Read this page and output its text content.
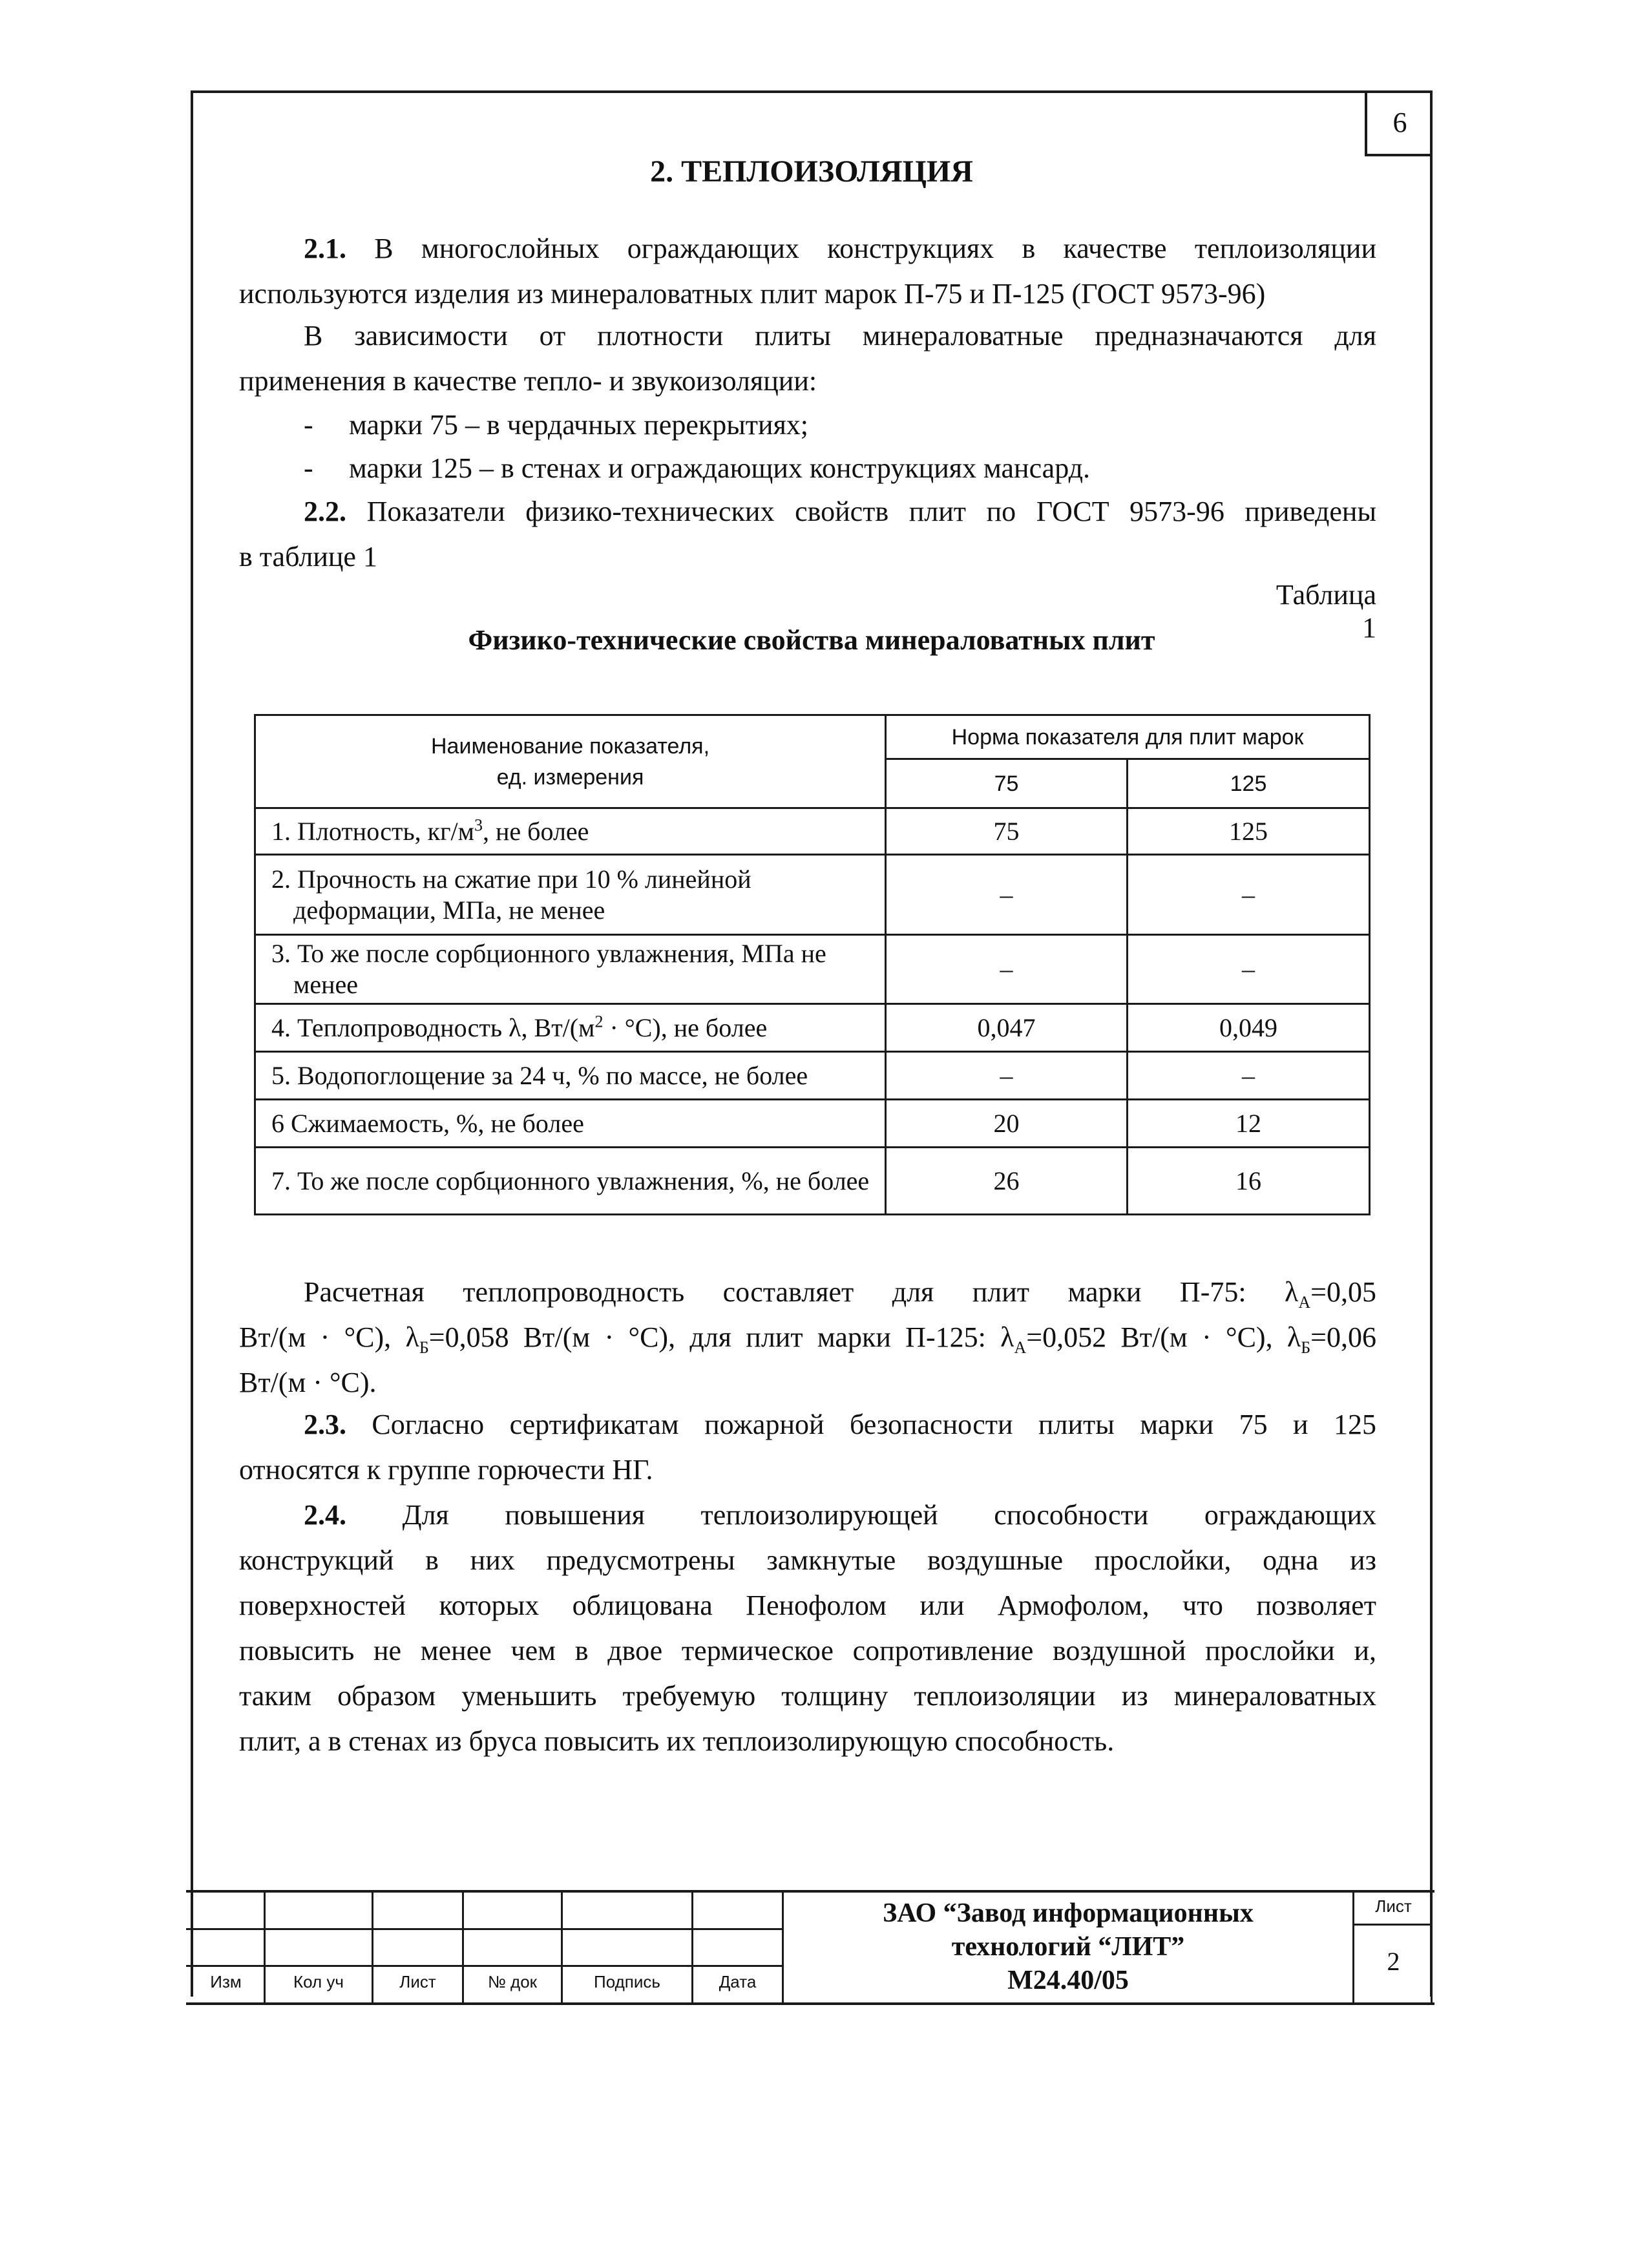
6
2. ТЕПЛОИЗОЛЯЦИЯ
2.1. В многослойных ограждающих конструкциях в качестве теплоизоляции
используются изделия из минераловатных плит марок П-75 и П-125 (ГОСТ 9573-96)
В зависимости от плотности плиты минераловатные предназначаются для
применения в качестве тепло- и звукоизоляции:
- марки 75 – в чердачных перекрытиях;
- марки 125 – в стенах и ограждающих конструкциях мансард.
2.2. Показатели физико-технических свойств плит по ГОСТ 9573-96 приведены
в таблице 1
Таблица 1
Физико-технические свойства минераловатных плит
Наименование показателя,
ед. измерения	Норма показателя для плит марок	
	75	125
1. Плотность, $кг/м^3$, не более	75	125
2. Прочность на сжатие при 10 % линейной деформации, МПа, не менее	–	–
3. То же после сорбционного увлажнения, МПа не менее	–	–
4. Теплопроводность λ, $Вт/(м^2 \cdot ^\circ С)$, не более	0,047	0,049
5. Водопоглощение за 24 ч, % по массе, не более	–	–
6 Сжимаемость, %, не более	20	12
7. То же после сорбционного увлажнения, %, не более	26	16
Расчетная теплопроводность составляет для плит марки П-75: $\lambda_А=0,05$
Вт/(м · °С), $\lambda_Б=0,058$ Вт/(м · °С), для плит марки П-125: $\lambda_А=0,052$ Вт/(м · °С), $\lambda_Б=0,06$
Вт/(м · °С).
2.3. Согласно сертификатам пожарной безопасности плиты марки 75 и 125
относятся к группе горючести НГ.
2.4. Для повышения теплоизолирующей способности ограждающих
конструкций в них предусмотрены замкнутые воздушные прослойки, одна из
поверхностей которых облицована Пенофолом или Армофолом, что позволяет
повысить не менее чем в двое термическое сопротивление воздушной прослойки и,
таким образом уменьшить требуемую толщину теплоизоляции из минераловатных
плит, а в стенах из бруса повысить их теплоизолирующую способность.
Изм	Кол уч	Лист	№ док	Подпись	Дата
ЗАО “Завод информационных
технологий “ЛИТ”
М24.40/05
Лист
2
